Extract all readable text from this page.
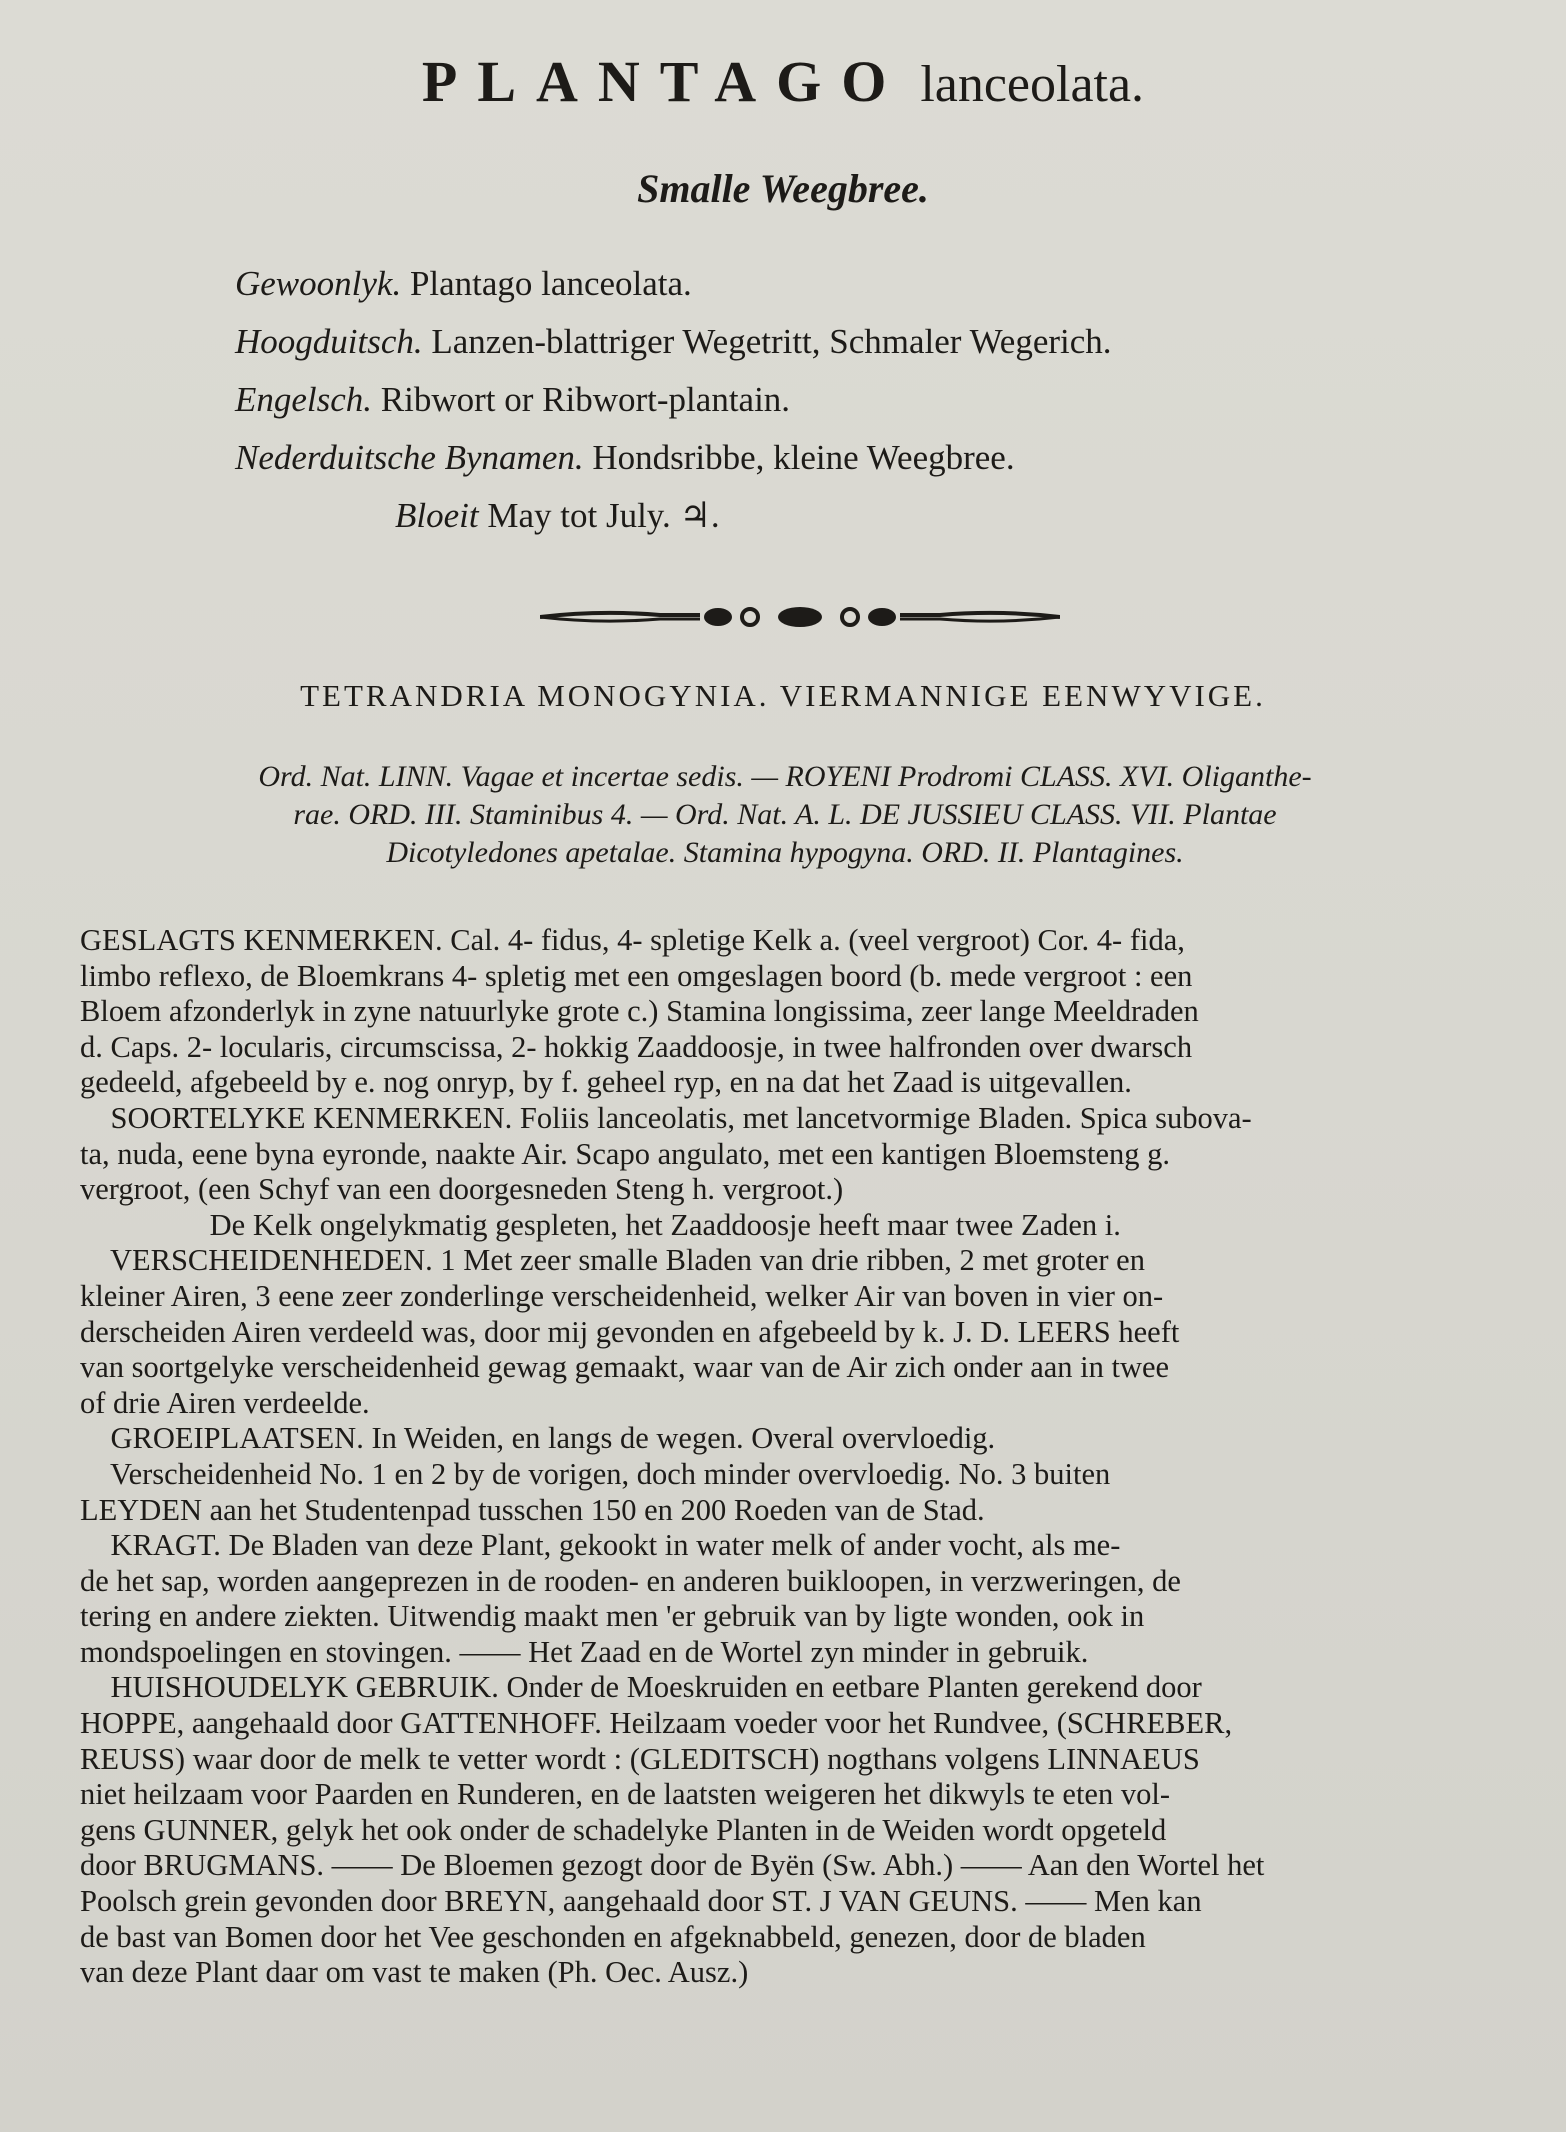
PLANTAGO lanceolata.
Smalle Weegbree.
Gewoonlyk. Plantago lanceolata.
Hoogduitsch. Lanzen-blattriger Wegetritt, Schmaler Wegerich.
Engelsch. Ribwort or Ribwort-plantain.
Nederduitsche Bynamen. Hondsribbe, kleine Weegbree.
Bloeit May tot July. ♃.
TETRANDRIA MONOGYNIA. VIERMANNIGE EENWYVIGE.
Ord. Nat. LINN. Vagae et incertae sedis. — ROYENI Prodromi CLASS. XVI. Oliganthe-
rae. ORD. III. Staminibus 4. — Ord. Nat. A. L. DE JUSSIEU CLASS. VII. Plantae
Dicotyledones apetalae. Stamina hypogyna. ORD. II. Plantagines.
GESLAGTS KENMERKEN. Cal. 4- fidus, 4- spletige Kelk a. (veel vergroot) Cor. 4- fida,
limbo reflexo, de Bloemkrans 4- spletig met een omgeslagen boord (b. mede vergroot : een
Bloem afzonderlyk in zyne natuurlyke grote c.) Stamina longissima, zeer lange Meeldraden
d. Caps. 2- locularis, circumscissa, 2- hokkig Zaaddoosje, in twee halfronden over dwarsch
gedeeld, afgebeeld by e. nog onryp, by f. geheel ryp, en na dat het Zaad is uitgevallen.
SOORTELYKE KENMERKEN. Foliis lanceolatis, met lancetvormige Bladen. Spica subova-
ta, nuda, eene byna eyronde, naakte Air. Scapo angulato, met een kantigen Bloemsteng g.
vergroot, (een Schyf van een doorgesneden Steng h. vergroot.)
De Kelk ongelykmatig gespleten, het Zaaddoosje heeft maar twee Zaden i.
VERSCHEIDENHEDEN. 1 Met zeer smalle Bladen van drie ribben, 2 met groter en
kleiner Airen, 3 eene zeer zonderlinge verscheidenheid, welker Air van boven in vier on-
derscheiden Airen verdeeld was, door mij gevonden en afgebeeld by k. J. D. LEERS heeft
van soortgelyke verscheidenheid gewag gemaakt, waar van de Air zich onder aan in twee
of drie Airen verdeelde.
GROEIPLAATSEN. In Weiden, en langs de wegen. Overal overvloedig.
Verscheidenheid No. 1 en 2 by de vorigen, doch minder overvloedig. No. 3 buiten
LEYDEN aan het Studentenpad tusschen 150 en 200 Roeden van de Stad.
KRAGT. De Bladen van deze Plant, gekookt in water melk of ander vocht, als me-
de het sap, worden aangeprezen in de rooden- en anderen buikloopen, in verzweringen, de
tering en andere ziekten. Uitwendig maakt men 'er gebruik van by ligte wonden, ook in
mondspoelingen en stovingen. —— Het Zaad en de Wortel zyn minder in gebruik.
HUISHOUDELYK GEBRUIK. Onder de Moeskruiden en eetbare Planten gerekend door
HOPPE, aangehaald door GATTENHOFF. Heilzaam voeder voor het Rundvee, (SCHREBER,
REUSS) waar door de melk te vetter wordt : (GLEDITSCH) nogthans volgens LINNAEUS
niet heilzaam voor Paarden en Runderen, en de laatsten weigeren het dikwyls te eten vol-
gens GUNNER, gelyk het ook onder de schadelyke Planten in de Weiden wordt opgeteld
door BRUGMANS. —— De Bloemen gezogt door de Byën (Sw. Abh.) —— Aan den Wortel het
Poolsch grein gevonden door BREYN, aangehaald door ST. J VAN GEUNS. —— Men kan
de bast van Bomen door het Vee geschonden en afgeknabbeld, genezen, door de bladen
van deze Plant daar om vast te maken (Ph. Oec. Ausz.)
